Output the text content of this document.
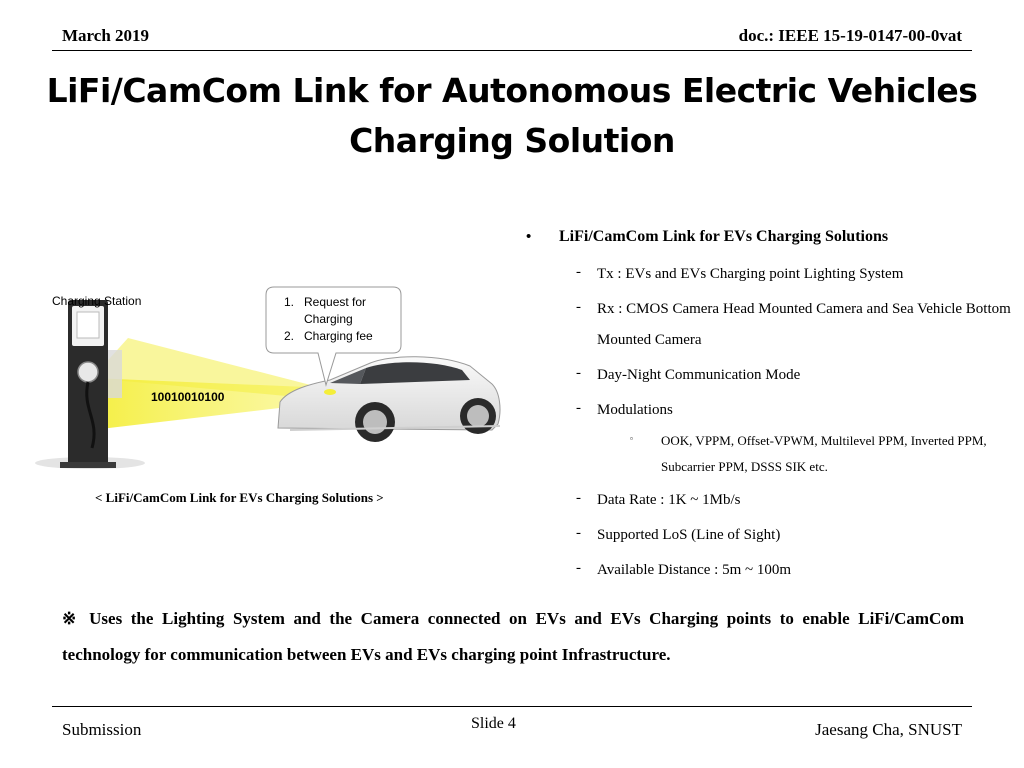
March 2019	doc.: IEEE 15-19-0147-00-0vat
LiFi/CamCom Link for Autonomous Electric Vehicles
Charging Solution
Charging Station	1. Request for Charging
2. Charging fee
10010010100
< LiFi/CamCom Link for EVs Charging Solutions >
• LiFi/CamCom Link for EVs Charging Solutions
- Tx : EVs and EVs Charging point Lighting System
- Rx : CMOS Camera Head Mounted Camera and Sea Vehicle Bottom Mounted Camera
- Day-Night Communication Mode
- Modulations
▫ OOK, VPPM, Offset-VPWM, Multilevel PPM, Inverted PPM, Subcarrier PPM, DSSS SIK etc.
- Data Rate : 1K ~ 1Mb/s
- Supported LoS (Line of Sight)
- Available Distance : 5m ~ 100m
※ Uses the Lighting System and the Camera connected on EVs and EVs Charging points to enable LiFi/CamCom technology for communication between EVs and EVs charging point Infrastructure.
Submission	Slide 4	Jaesang Cha, SNUST
